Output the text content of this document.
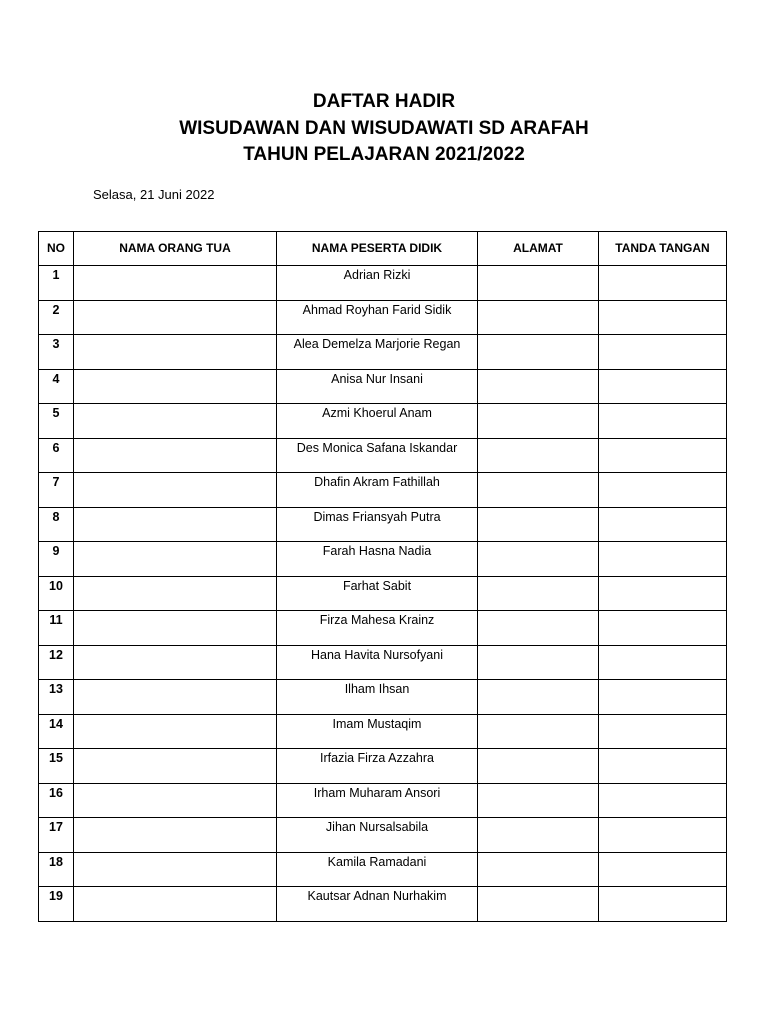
DAFTAR HADIR
WISUDAWAN DAN WISUDAWATI SD ARAFAH
TAHUN PELAJARAN 2021/2022
Selasa, 21 Juni 2022
NO	NAMA ORANG TUA	NAMA PESERTA DIDIK	ALAMAT	TANDA TANGAN

1		Adrian Rizki		

2		Ahmad Royhan Farid Sidik		

3		Alea Demelza Marjorie Regan		

4		Anisa Nur Insani		

5		Azmi Khoerul Anam		

6		Des Monica Safana Iskandar		

7		Dhafin Akram Fathillah		

8		Dimas Friansyah Putra		

9		Farah Hasna Nadia		

10		Farhat Sabit		

11		Firza Mahesa Krainz		

12		Hana Havita Nursofyani		

13		Ilham Ihsan		

14		Imam Mustaqim		

15		Irfazia Firza Azzahra		

16		Irham Muharam Ansori		

17		Jihan Nursalsabila		

18		Kamila Ramadani		

19		Kautsar Adnan Nurhakim		
